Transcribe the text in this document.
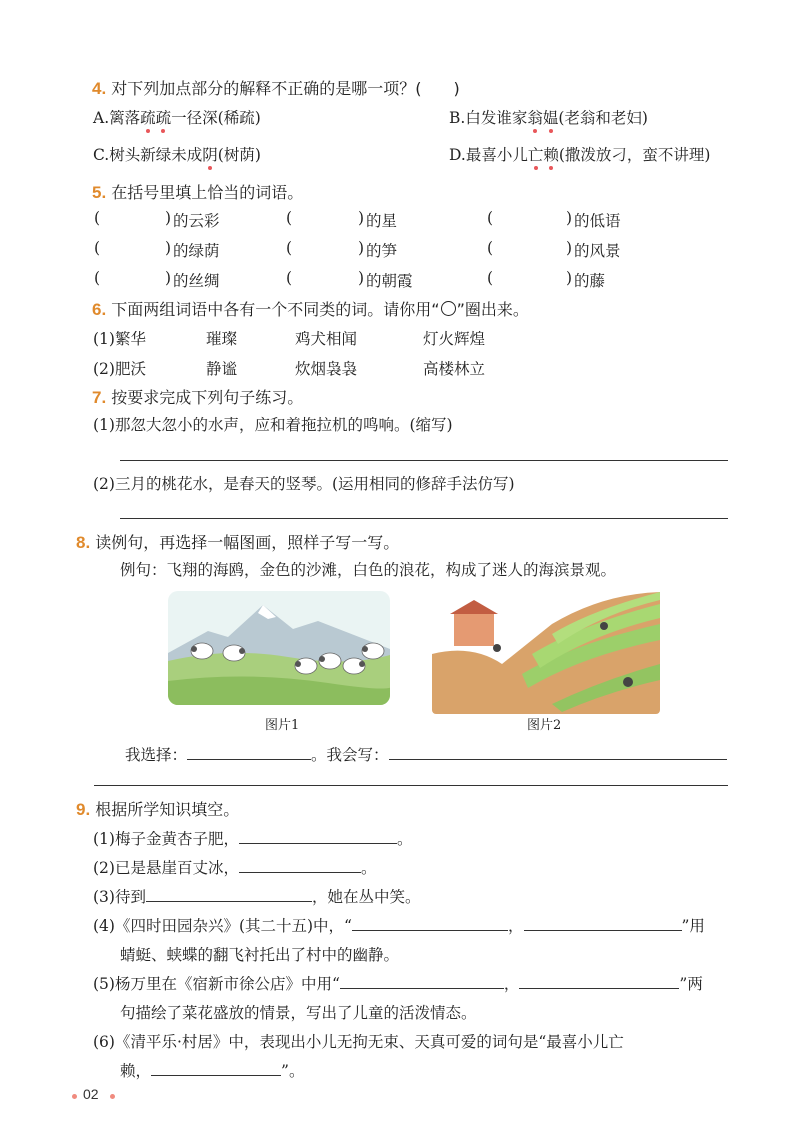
4. 对下列加点部分的解释不正确的是哪一项？(　　)
A.篱落疏疏一径深(稀疏)	B.白发谁家翁媪(老翁和老妇)
C.树头新绿未成阴(树荫)	D.最喜小儿亡赖(撒泼放刁，蛮不讲理)
5. 在括号里填上恰当的词语。
(	) 的云彩	(	) 的星	(	) 的低语
(	) 的绿荫	(	) 的笋	(	) 的风景
(	) 的丝绸	(	) 的朝霞	(	) 的藤
6. 下面两组词语中各有一个不同类的词。请你用“○”圈出来。
(1)繁华	璀璨	鸡犬相闻	灯火辉煌
(2)肥沃	静谧	炊烟袅袅	高楼林立
7. 按要求完成下列句子练习。
(1)那忽大忽小的水声，应和着拖拉机的鸣响。(缩写)
(2)三月的桃花水，是春天的竖琴。(运用相同的修辞手法仿写)
8. 读例句，再选择一幅图画，照样子写一写。
例句：飞翔的海鸥，金色的沙滩，白色的浪花，构成了迷人的海滨景观。
图片1	图片2
我选择：	。我会写：
9. 根据所学知识填空。
(1)梅子金黄杏子肥，	。
(2)已是悬崖百丈冰，	。
(3)待到	，她在丛中笑。
(4)《四时田园杂兴》(其二十五)中，“	，	”用
蜻蜓、蛱蝶的翻飞衬托出了村中的幽静。
(5)杨万里在《宿新市徐公店》中用“	，	”两
句描绘了菜花盛放的情景，写出了儿童的活泼情态。
(6)《清平乐·村居》中，表现出小儿无拘无束、天真可爱的词句是“最喜小儿亡
赖，	”。
02
